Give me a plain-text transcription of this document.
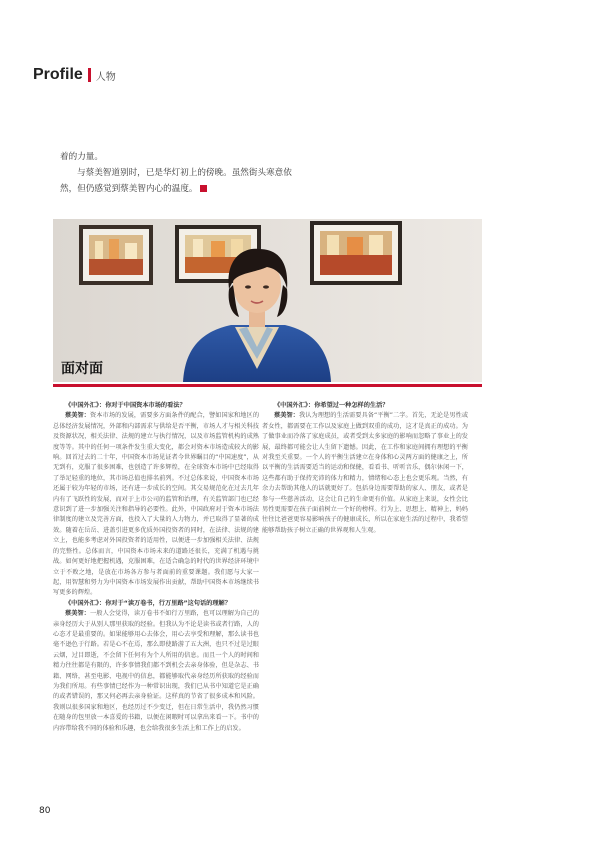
Profile 人物

着的力量。

与蔡美智道别时，已是华灯初上的傍晚。虽然街头寒意依然，但仍感觉到蔡美智内心的温度。

面对面

《中国外汇》：你对于中国资本市场的看法？

蔡美智：资本市场的发展，需要多方面条件的配合，譬如国家和地区的总体经济发展情况，外部和内部需求与供给是否平衡，市场人才与相关科技及资源状况，相关法律、法规的建立与执行情况，以及市场监管机构的成熟度等等。其中的任何一项条件发生重大变化，都会对资本市场造成较大的影响。回首过去的二十年，中国资本市场见证者今世界瞩目的“中国速度”，从无到有，克服了很多困难，也创造了许多辉煌，在全球资本市场中已经取得了举足轻重的地位，其市场总值也排名前列。不过总体来说，中国资本市场还属于较为年轻的市场，还有进一步成长的空间。其交易规范化在过去几年内有了飞跃性的发展，而对于上市公司的监管和治理，有关监管部门也已经意识到了进一步加强关注和指导的必要性。此外，中国政府对于资本市场法律制度的建立及完善方面，也投入了大量的人力物力，并已取得了显著的成效。随着在岳岳、进盖引进更多优质外国投资者的同时，在法律、法规的建立上，也能多考虑对外国投资者的适用性，以便进一步加强相关法律、法规的完整性。总体而言，中国资本市场未来的道路还很长，充满了机遇与挑战。如何更好地把握机遇，克服困难，在适合确急的时代的世界经济环境中立于不败之地，是放在市场各方参与者面前的重要课题。我们愿与大家一起，用智慧和努力为中国资本市场发展作出贡献，帮助中国资本市场继续书写更多的辉煌。

《中国外汇》：你对于“读万卷书，行万里路”这句话的理解？

蔡美智：一般人会觉得，读万卷书不如行万里路，也可以理解为自己的亲身经历大于从别人那里获取的经验。但我认为不论是读书或者行路，人的心态才是最重要的。如果能够用心去体会，用心去享受和理解，那么读书也毫不逊色于行路。若是心不在焉，那么即使路游了五大洲，也只不过是过眼云烟，过目即逝，不会留下任何有为个人所用的信息。而且一个人的时间和精力往往都是有限的，许多事情我们都不到机会去亲身体验，但是杂志、书籍、网络，甚至电影、电视中的信息，都能够取代亲身经历所获取的经验而为我们所用。有些事情已经作为一种常识出现，我们已从书中知道它是正确的或者错误的，那又何必再去亲身验证。这样真的节省了很多成本和风险。我则以很多国家和地区，也经历过不少变迁，但在日常生活中，我仍然习惯在随身的包里放一本喜爱的书籍，以便在闲暇时可以拿出来看一下。书中的内容带给我不同的体验和乐趣，也会给我很多生活上和工作上的启发。

《中国外汇》：你希望过一种怎样的生活？

蔡美智：我认为理想的生活需要具备“平衡”二字。首先，无论是男性或者女性，都需要在工作以及家庭上做到双重的成功，这才是真正的成功。为了做事业而冷落了家庭成员，或者受到太多家庭的影响而忽略了事业上的发展，最终都可能会让人生留下遗憾。因此，在工作和家庭间拥有理想的平衡对我至关重要。一个人的平衡生活建立在身体和心灵两方面的健康之上，所以平衡的生活需要适当的运动和保健，看看书、听听音乐，偶尔休闲一下，这些都有助于保持充沛的体力和精力，情绪和心态上也会更乐观。当然，有余力去帮助其他人的话就更好了。包括身边需要帮助的家人、朋友，或者是参与一些慈善活动，这会让自己的生命更有价值。从家庭上来说，女性会比男性更需要在孩子面前树立一个好的榜样。行为上、思想上、精神上，妈妈往往比爸爸更容易影响孩子的健康成长，所以在家庭生活的过程中，我希望能够帮助孩子树立正确的世界观和人生观。

80
